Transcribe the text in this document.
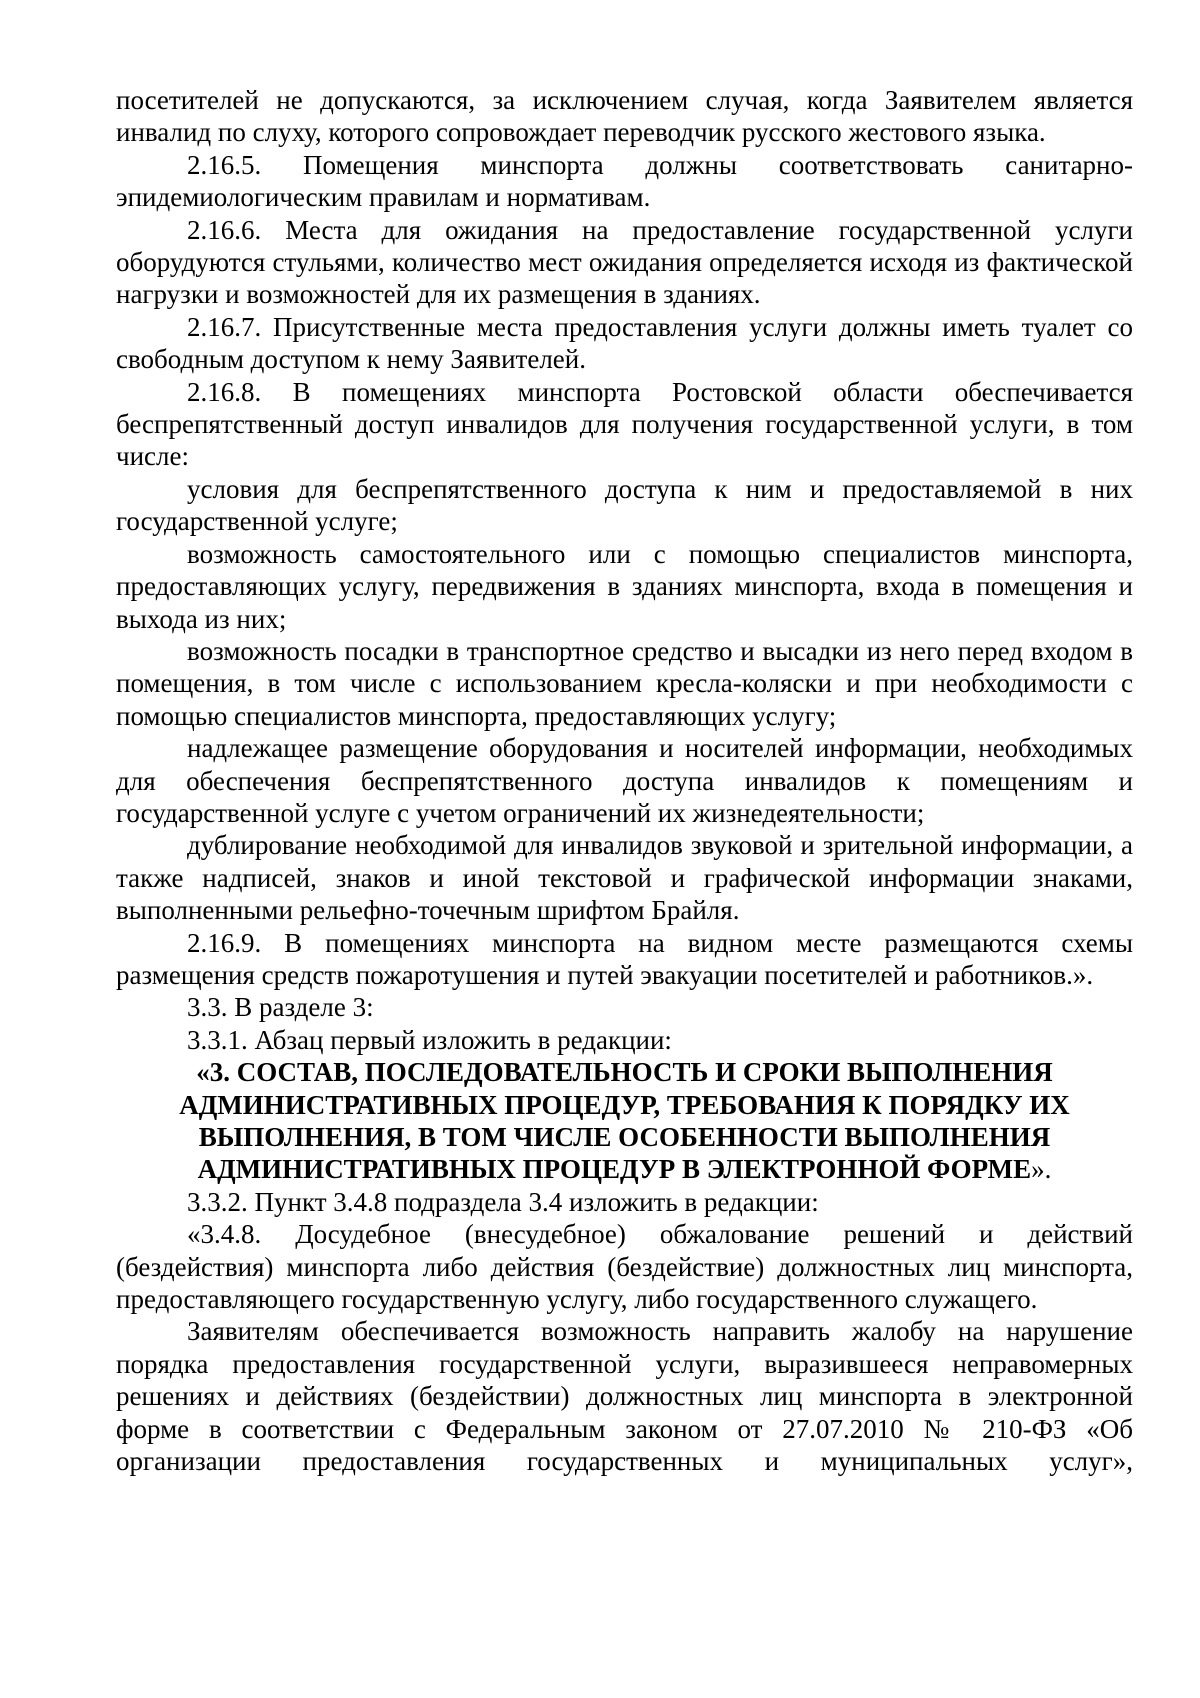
посетителей не допускаются, за исключением случая, когда Заявителем является инвалид по слуху, которого сопровождает переводчик русского жестового языка.

2.16.5. Помещения минспорта должны соответствовать санитарно-эпидемиологическим правилам и нормативам.

2.16.6. Места для ожидания на предоставление государственной услуги оборудуются стульями, количество мест ожидания определяется исходя из фактической нагрузки и возможностей для их размещения в зданиях.

2.16.7. Присутственные места предоставления услуги должны иметь туалет со свободным доступом к нему Заявителей.

2.16.8. В помещениях минспорта Ростовской области обеспечивается беспрепятственный доступ инвалидов для получения государственной услуги, в том числе:

условия для беспрепятственного доступа к ним и предоставляемой в них государственной услуге;

возможность самостоятельного или с помощью специалистов минспорта, предоставляющих услугу, передвижения в зданиях минспорта, входа в помещения и выхода из них;

возможность посадки в транспортное средство и высадки из него перед входом в помещения, в том числе с использованием кресла-коляски и при необходимости с помощью специалистов минспорта, предоставляющих услугу;

надлежащее размещение оборудования и носителей информации, необходимых для обеспечения беспрепятственного доступа инвалидов к помещениям и государственной услуге с учетом ограничений их жизнедеятельности;

дублирование необходимой для инвалидов звуковой и зрительной информации, а также надписей, знаков и иной текстовой и графической информации знаками, выполненными рельефно-точечным шрифтом Брайля.

2.16.9. В помещениях минспорта на видном месте размещаются схемы размещения средств пожаротушения и путей эвакуации посетителей и работников.».

3.3. В разделе 3:

3.3.1. Абзац первый изложить в редакции:

«3. СОСТАВ, ПОСЛЕДОВАТЕЛЬНОСТЬ И СРОКИ ВЫПОЛНЕНИЯ АДМИНИСТРАТИВНЫХ ПРОЦЕДУР, ТРЕБОВАНИЯ К ПОРЯДКУ ИХ ВЫПОЛНЕНИЯ, В ТОМ ЧИСЛЕ ОСОБЕННОСТИ ВЫПОЛНЕНИЯ АДМИНИСТРАТИВНЫХ ПРОЦЕДУР В ЭЛЕКТРОННОЙ ФОРМЕ».

3.3.2. Пункт 3.4.8 подраздела 3.4 изложить в редакции:

«3.4.8. Досудебное (внесудебное) обжалование решений и действий (бездействия) минспорта либо действия (бездействие) должностных лиц минспорта, предоставляющего государственную услугу, либо государственного служащего.

Заявителям обеспечивается возможность направить жалобу на нарушение порядка предоставления государственной услуги, выразившееся неправомерных решениях и действиях (бездействии) должностных лиц минспорта в электронной форме в соответствии с Федеральным законом от 27.07.2010 № 210-ФЗ «Об организации предоставления государственных и муниципальных услуг»,
